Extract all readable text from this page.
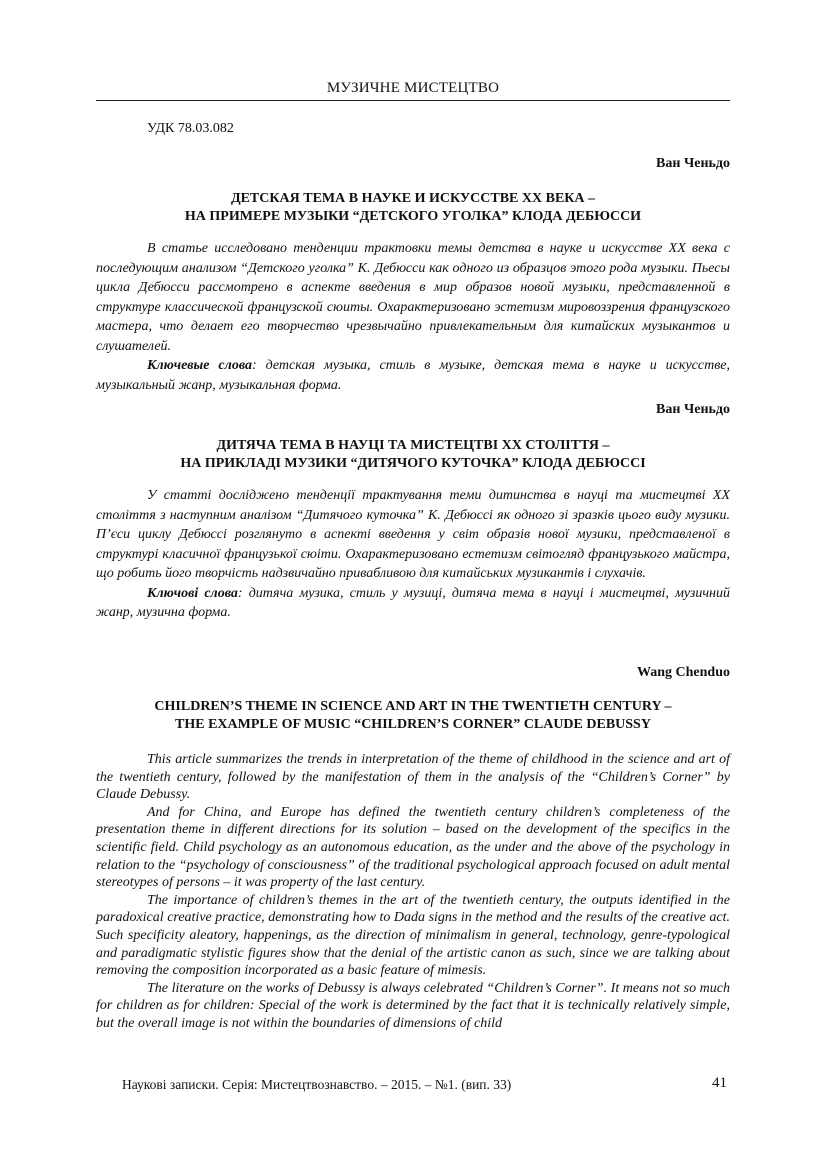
МУЗИЧНЕ МИСТЕЦТВО
УДК 78.03.082
Ван Ченьдо
ДЕТСКАЯ ТЕМА В НАУКЕ И ИСКУССТВЕ ХХ ВЕКА –
НА ПРИМЕРЕ МУЗЫКИ “ДЕТСКОГО УГОЛКА” КЛОДА ДЕБЮССИ

В статье исследовано тенденции трактовки темы детства в науке и искусстве ХХ века с последующим анализом “Детского уголка” К. Дебюсси как одного из образцов этого рода музыки. Пьесы цикла Дебюсси рассмотрено в аспекте введения в мир образов новой музыки, представленной в структуре классической французской сюиты. Охарактеризовано эстетизм мировоззрения французского мастера, что делает его творчество чрезвычайно привлекательным для китайских музыкантов и слушателей.

Ключевые слова: детская музыка, стиль в музыке, детская тема в науке и искусстве, музыкальный жанр, музыкальная форма.

Ван Ченьдо
ДИТЯЧА ТЕМА В НАУЦІ ТА МИСТЕЦТВІ ХХ СТОЛІТТЯ –
НА ПРИКЛАДІ МУЗИКИ “ДИТЯЧОГО КУТОЧКА” КЛОДА ДЕБЮССІ

У статті досліджено тенденції трактування теми дитинства в науці та мистецтві ХХ століття з наступним аналізом “Дитячого куточка” К. Дебюссі як одного зі зразків цього виду музики. П’єси циклу Дебюссі розглянуто в аспекті введення у світ образів нової музики, представленої в структурі класичної французької сюіти. Охарактеризовано естетизм світогляд французького майстра, що робить його творчість надзвичайно привабливою для китайських музикантів і слухачів.

Ключові слова: дитяча музика, стиль у музиці, дитяча тема в науці і мистецтві, музичний жанр, музична форма.

Wang Chenduo
CHILDREN’S THEME IN SCIENCE AND ART IN THE TWENTIETH CENTURY –
THE EXAMPLE OF MUSIC “CHILDREN’S CORNER” CLAUDE DEBUSSY

This article summarizes the trends in interpretation of the theme of childhood in the science and art of the twentieth century, followed by the manifestation of them in the analysis of the “Children’s Corner” by Claude Debussy.

And for China, and Europe has defined the twentieth century children’s completeness of the presentation theme in different directions for its solution – based on the development of the specifics in the scientific field. Child psychology as an autonomous education, as the under and the above of the psychology in relation to the “psychology of consciousness” of the traditional psychological approach focused on adult mental stereotypes of persons – it was property of the last century.

The importance of children’s themes in the art of the twentieth century, the outputs identified in the paradoxical creative practice, demonstrating how to Dada signs in the method and the results of the creative act. Such specificity aleatory, happenings, as the direction of minimalism in general, technology, genre-typological and paradigmatic stylistic figures show that the denial of the artistic canon as such, since we are talking about removing the composition incorporated as a basic feature of mimesis.

The literature on the works of Debussy is always celebrated “Children’s Corner”. It means not so much for children as for children: Special of the work is determined by the fact that it is technically relatively simple, but the overall image is not within the boundaries of dimensions of child

Наукові записки. Серія: Мистецтвознавство. – 2015. – №1. (вип. 33)	41
